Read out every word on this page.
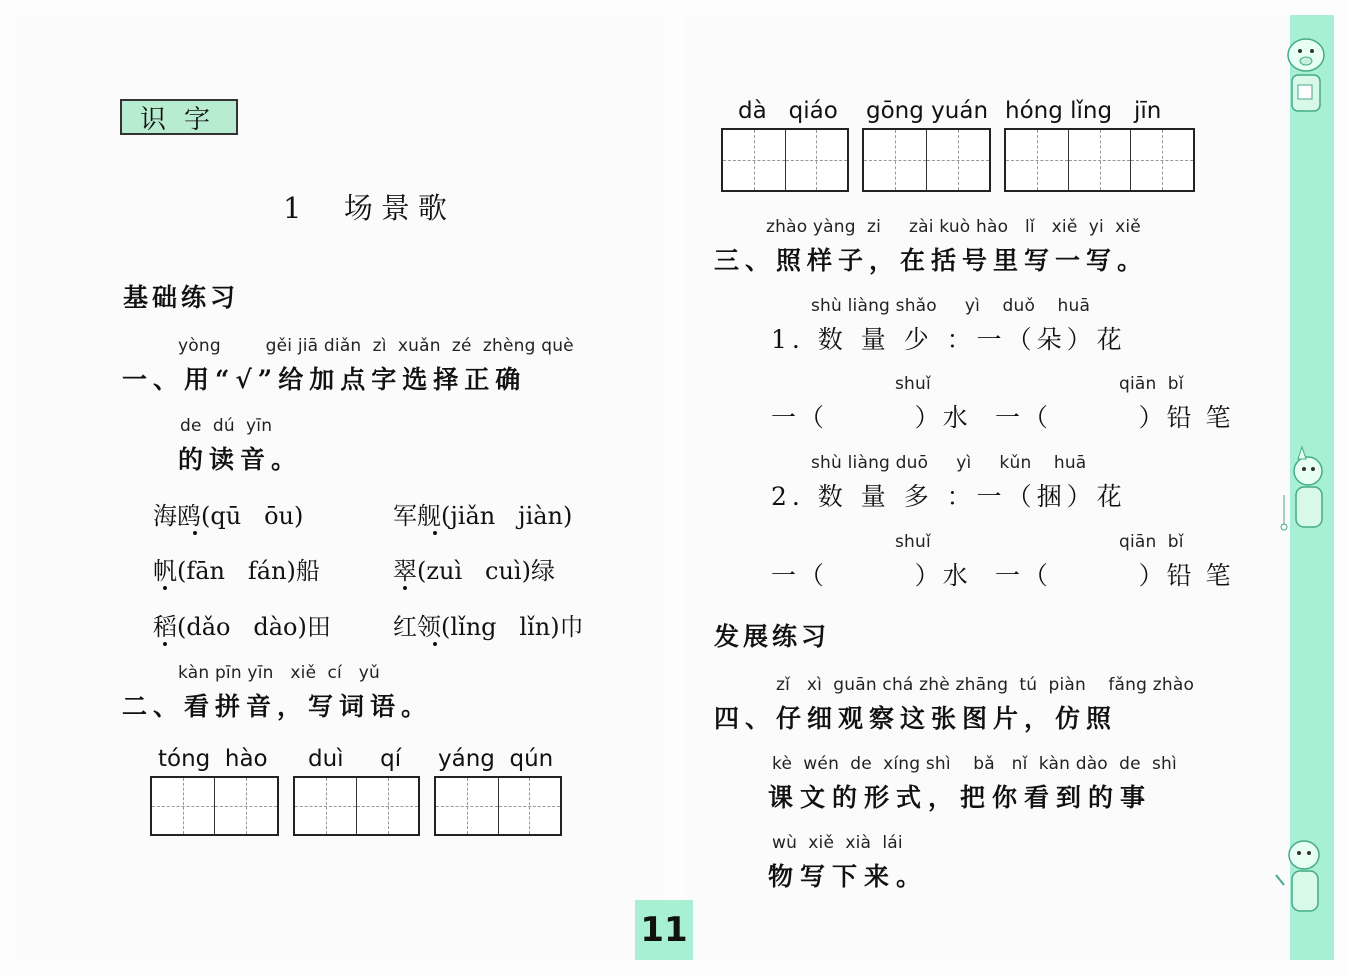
识字
1  场景歌
基础练习
yòng        gěi jiā diǎn  zì  xuǎn  zé  zhèng què
一、用“√”给加点字选择正确
de  dú  yīn
的读音。
海鸥(qū   ōu)	军舰(jiǎn   jiàn)
帆(fān   fán)船	翠(zuì   cuì)绿
稻(dǎo   dào)田	红领(lǐng   lǐn)巾
kàn pīn yīn   xiě  cí   yǔ
二、看拼音，写词语。
tóng  hào duì     qí yáng  qún
dà   qiáo gōng yuán hóng lǐng   jīn
zhào yàng  zi     zài kuò hào   lǐ   xiě  yi  xiě
三、照样子，在括号里写一写。
shù liàng shǎo     yì    duǒ    huā
1. 数 量 少 ：一（朵）花
shuǐ	qiān  bǐ
一（        ）水 一（        ）铅 笔
shù liàng duō     yì     kǔn    huā
2. 数 量 多 ：一（捆）花
shuǐ	qiān  bǐ
一（        ）水 一（        ）铅 笔
发展练习
zǐ   xì  guān chá zhè zhāng  tú  piàn    fǎng zhào
四、仔细观察这张图片，仿照
kè  wén  de  xíng shì    bǎ   nǐ  kàn dào  de  shì
课文的形式，把你看到的事
wù  xiě  xià  lái
物写下来。
11
